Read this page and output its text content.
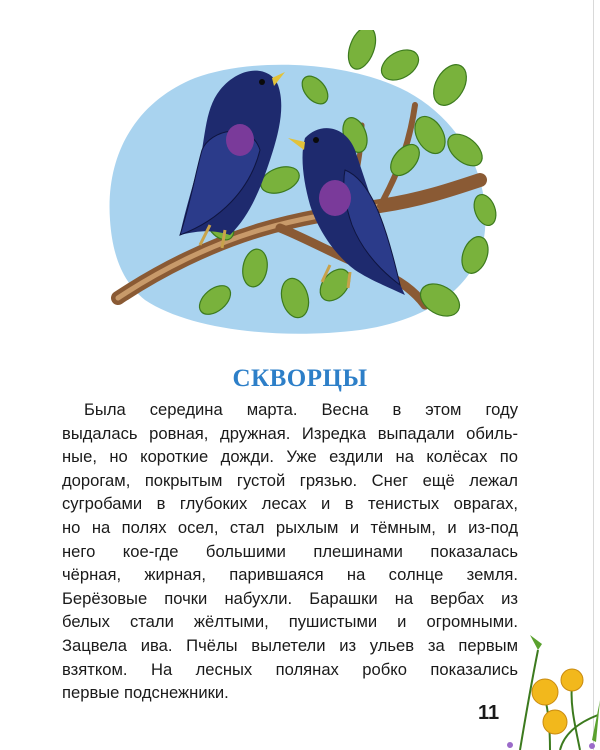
СКВОРЦЫ
Была середина марта. Весна в этом году
выдалась ровная, дружная. Изредка выпадали обиль-
ные, но короткие дожди. Уже ездили на колёсах по
дорогам, покрытым густой грязью. Снег ещё лежал
сугробами в глубоких лесах и в тенистых оврагах,
но на полях осел, стал рыхлым и тёмным, и из-под
него кое-где большими плешинами показалась
чёрная, жирная, парившаяся на солнце земля.
Берёзовые почки набухли. Барашки на вербах из
белых стали жёлтыми, пушистыми и огромными.
Зацвела ива. Пчёлы вылетели из ульев за первым
взятком. На лесных полянах робко показались
первые подснежники.
11
